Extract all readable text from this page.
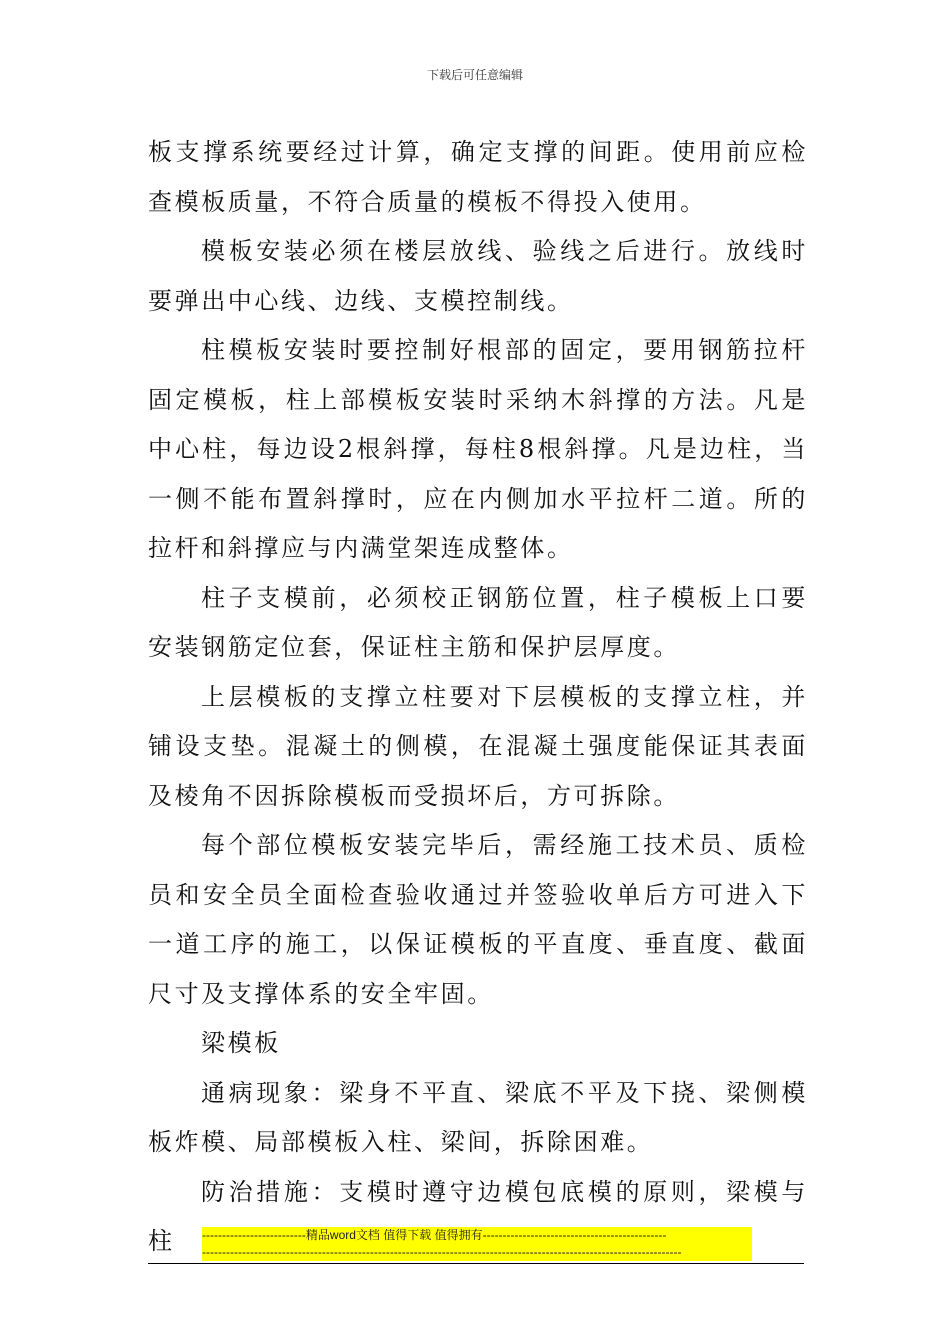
下载后可任意编辑

板支撑系统要经过计算，确定支撑的间距。使用前应检查模板质量，不符合质量的模板不得投入使用。

模板安装必须在楼层放线、验线之后进行。放线时要弹出中心线、边线、支模控制线。

柱模板安装时要控制好根部的固定，要用钢筋拉杆固定模板，柱上部模板安装时采纳木斜撑的方法。凡是中心柱，每边设2根斜撑，每柱8根斜撑。凡是边柱，当一侧不能布置斜撑时，应在内侧加水平拉杆二道。所的拉杆和斜撑应与内满堂架连成整体。

柱子支模前，必须校正钢筋位置，柱子模板上口要安装钢筋定位套，保证柱主筋和保护层厚度。

上层模板的支撑立柱要对下层模板的支撑立柱，并铺设支垫。混凝土的侧模，在混凝土强度能保证其表面及棱角不因拆除模板而受损坏后，方可拆除。

每个部位模板安装完毕后，需经施工技术员、质检员和安全员全面检查验收通过并签验收单后方可进入下一道工序的施工，以保证模板的平直度、垂直度、截面尺寸及支撑体系的安全牢固。

梁模板

通病现象：梁身不平直、梁底不平及下挠、梁侧模板炸模、局部模板入柱、梁间，拆除困难。

防治措施：支模时遵守边模包底模的原则，梁模与柱	--------------------------精品word文档 值得下载 值得拥有----------------------------------------------
------------------------------------------------------------------------------------------------------------------------
